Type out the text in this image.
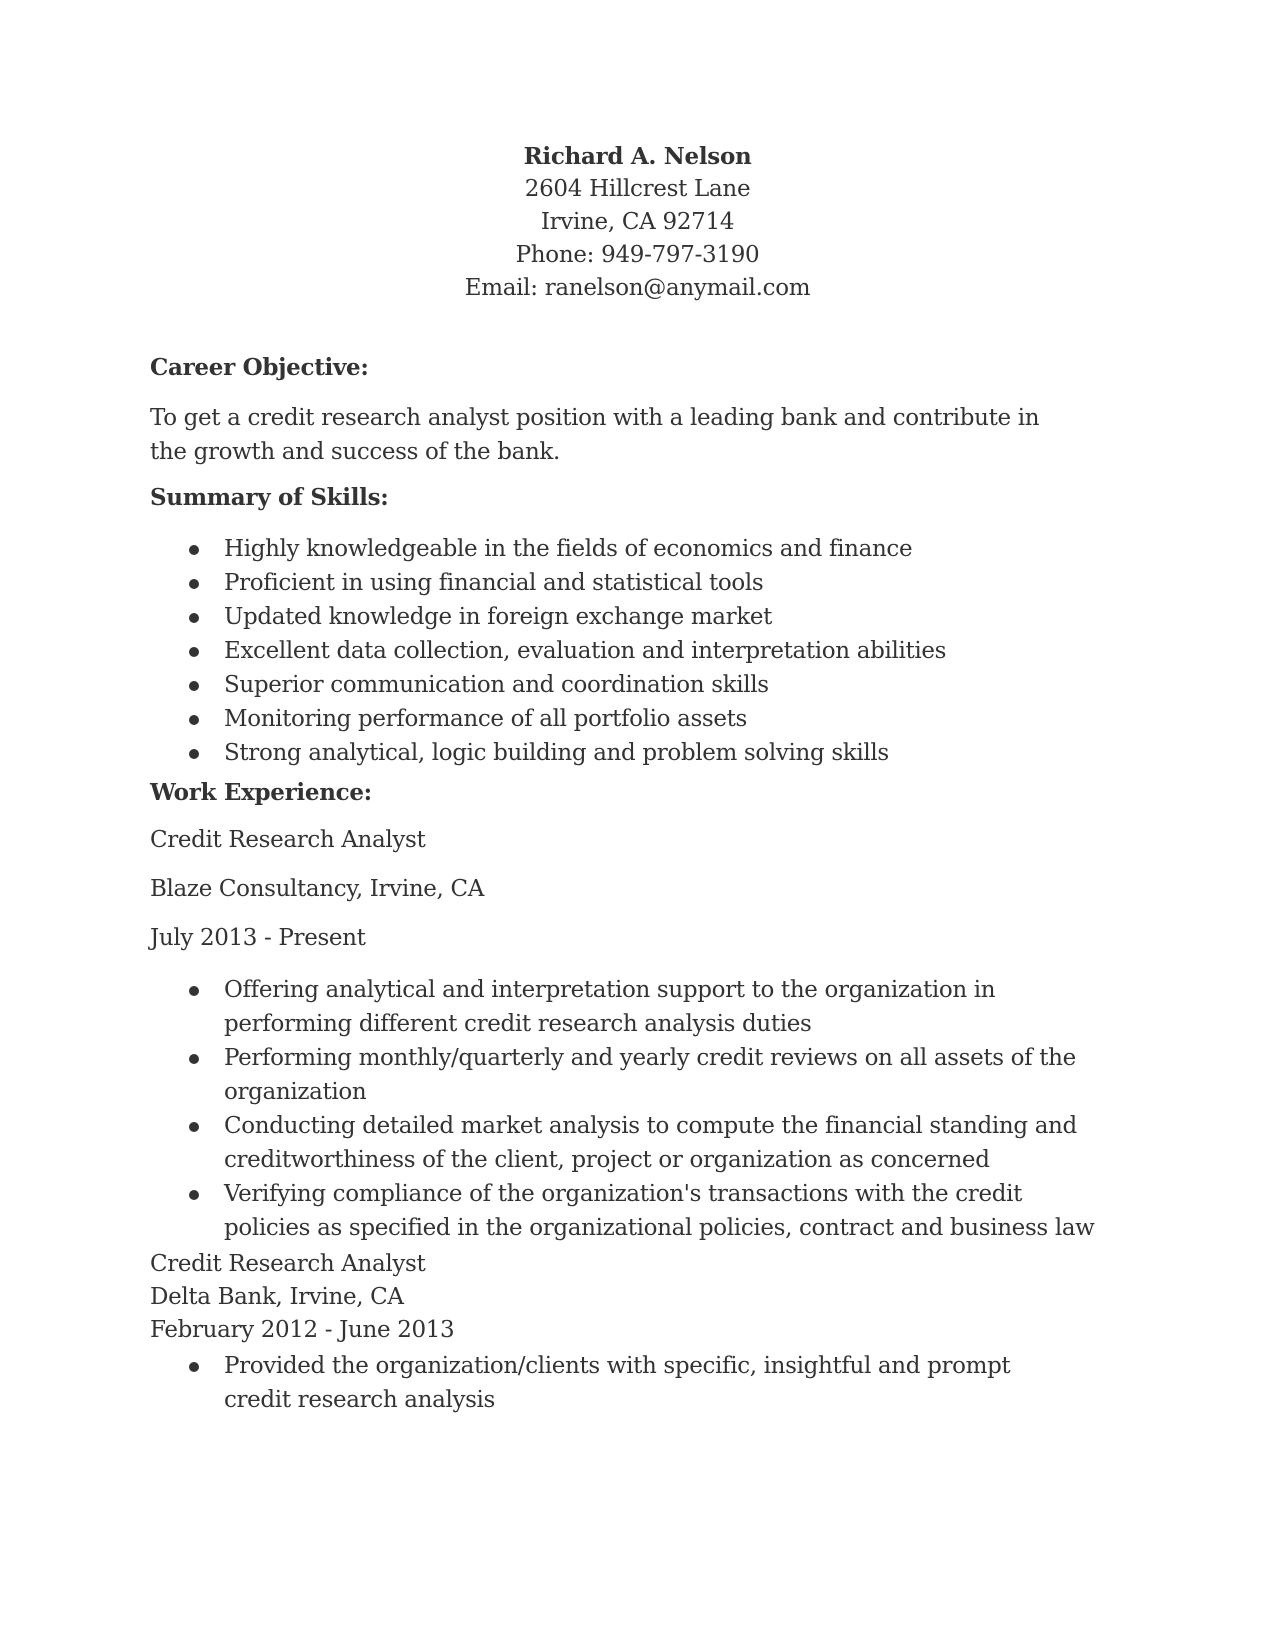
Richard A. Nelson
2604 Hillcrest Lane
Irvine, CA 92714
Phone: 949-797-3190
Email: ranelson@anymail.com
Career Objective:
To get a credit research analyst position with a leading bank and contribute in the growth and success of the bank.
Summary of Skills:
Highly knowledgeable in the fields of economics and finance
Proficient in using financial and statistical tools
Updated knowledge in foreign exchange market
Excellent data collection, evaluation and interpretation abilities
Superior communication and coordination skills
Monitoring performance of all portfolio assets
Strong analytical, logic building and problem solving skills
Work Experience:
Credit Research Analyst
Blaze Consultancy, Irvine, CA
July 2013 - Present
Offering analytical and interpretation support to the organization in performing different credit research analysis duties
Performing monthly/quarterly and yearly credit reviews on all assets of the organization
Conducting detailed market analysis to compute the financial standing and creditworthiness of the client, project or organization as concerned
Verifying compliance of the organization's transactions with the credit policies as specified in the organizational policies, contract and business law
Credit Research Analyst
Delta Bank, Irvine, CA
February 2012 - June 2013
Provided the organization/clients with specific, insightful and prompt credit research analysis
